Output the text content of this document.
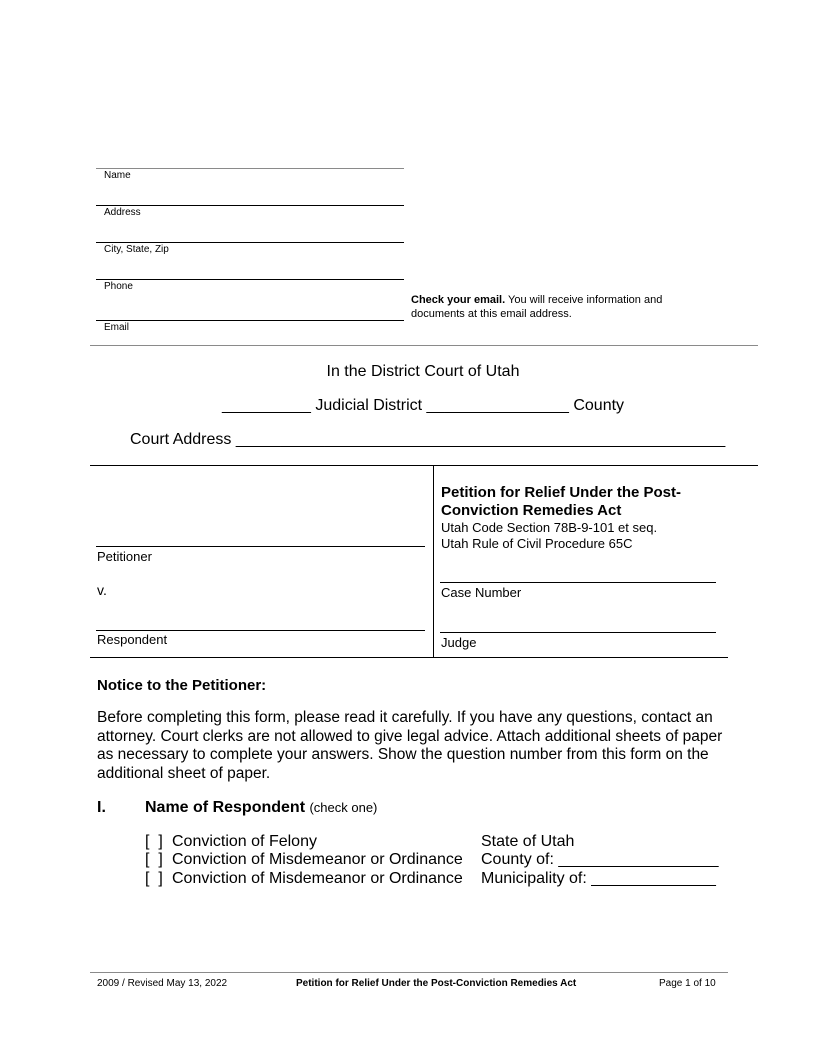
Name
Address
City, State, Zip
Phone
Check your email. You will receive information and documents at this email address.
Email
In the District Court of Utah
__________ Judicial District ________________ County
Court Address _______________________________________________________
Petitioner
v.
Respondent
Petition for Relief Under the Post-Conviction Remedies Act
Utah Code Section 78B-9-101 et seq.
Utah Rule of Civil Procedure 65C
Case Number
Judge
Notice to the Petitioner:
Before completing this form, please read it carefully. If you have any questions, contact an attorney. Court clerks are not allowed to give legal advice. Attach additional sheets of paper as necessary to complete your answers. Show the question number from this form on the additional sheet of paper.
I. Name of Respondent (check one)
[  ] Conviction of Felony	State of Utah
[  ] Conviction of Misdemeanor or Ordinance County of: __________________
[  ] Conviction of Misdemeanor or Ordinance Municipality of: ______________
2009 / Revised May 13, 2022	Petition for Relief Under the Post-Conviction Remedies Act	Page 1 of 10
